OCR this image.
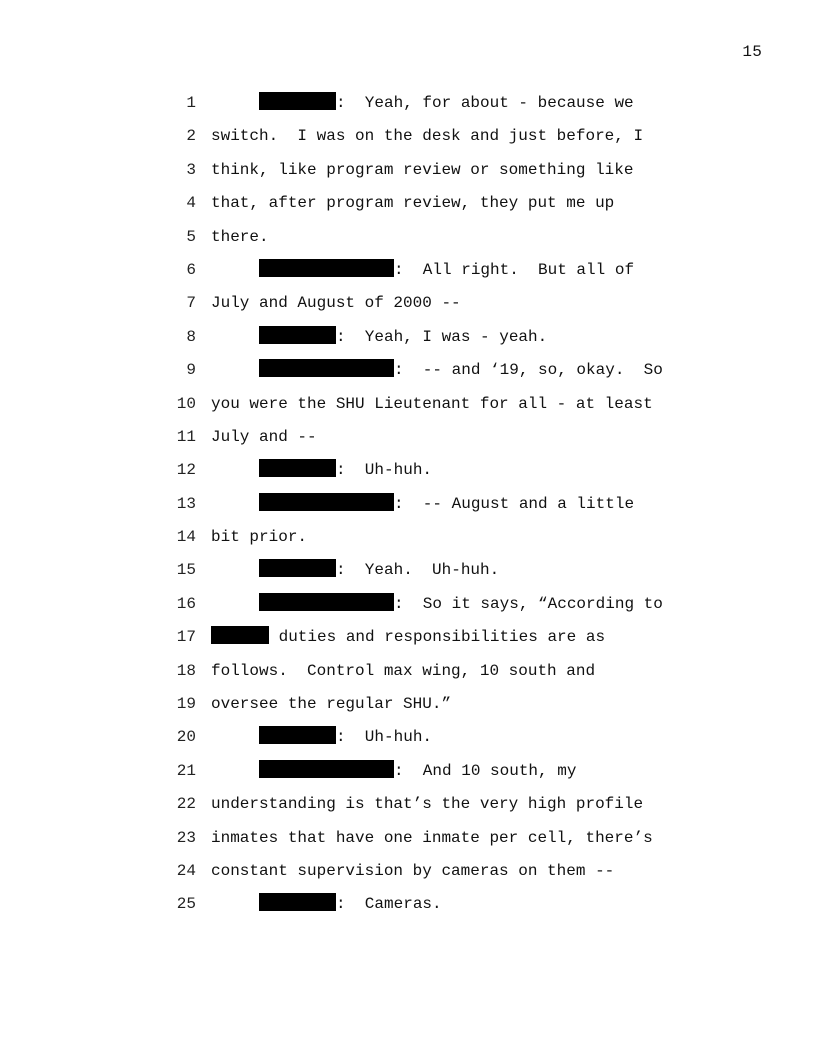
15
1	:  Yeah, for about - because we
2 switch.  I was on the desk and just before, I
3 think, like program review or something like
4 that, after program review, they put me up
5 there.
6	:  All right.  But all of
7 July and August of 2000 --
8	:  Yeah, I was - yeah.
9	:  -- and ‘19, so, okay.  So
10 you were the SHU Lieutenant for all - at least
11 July and --
12	:  Uh-huh.
13	:  -- August and a little
14 bit prior.
15	:  Yeah.  Uh-huh.
16	:  So it says, “According to
17	duties and responsibilities are as
18 follows.  Control max wing, 10 south and
19 oversee the regular SHU.”
20	:  Uh-huh.
21	:  And 10 south, my
22 understanding is that’s the very high profile
23 inmates that have one inmate per cell, there’s
24 constant supervision by cameras on them --
25	:  Cameras.
